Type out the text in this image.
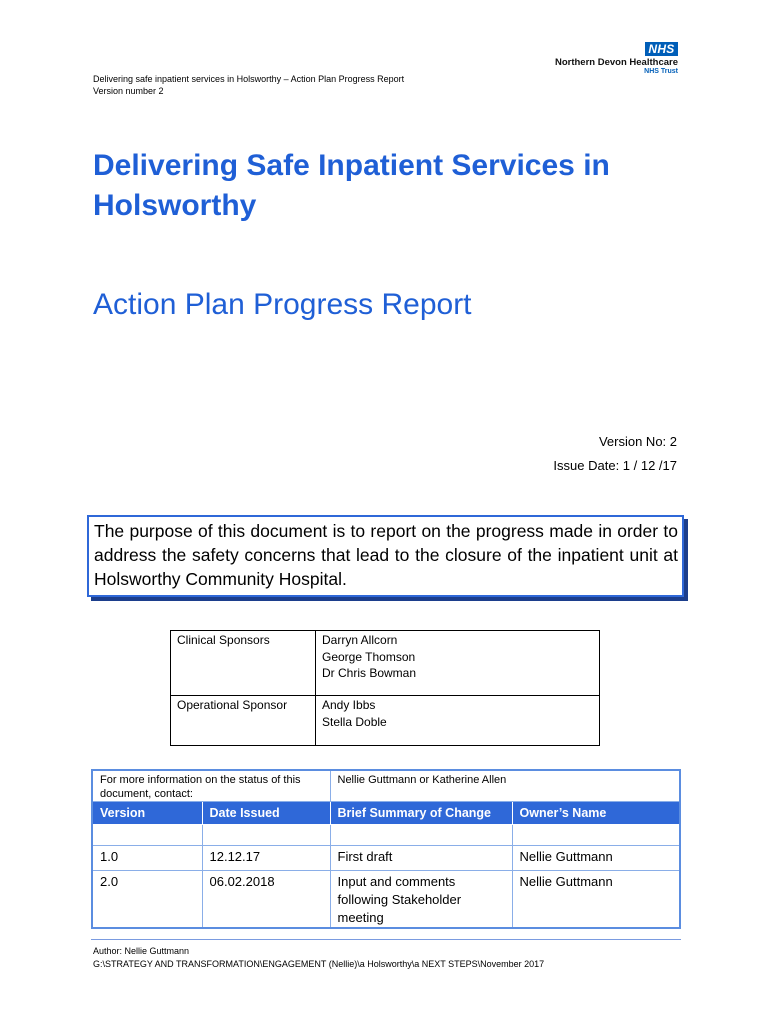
Delivering safe inpatient services in Holsworthy – Action Plan Progress Report
Version number 2
NHS
Northern Devon Healthcare
NHS Trust
Delivering Safe Inpatient Services in Holsworthy
Action Plan Progress Report
Version No: 2
Issue Date: 1 / 12 /17

The purpose of this document is to report on the progress made in order to address the safety concerns that lead to the closure of the inpatient unit at Holsworthy Community Hospital.

Clinical Sponsors	Darryn Allcorn
George Thomson
Dr Chris Bowman

Operational Sponsor	Andy Ibbs
Stella Doble
For more information on the status of this document, contact:		Nellie Guttmann or Katherine Allen	
Version	Date Issued	Brief Summary of Change	Owner’s Name

1.0	12.12.17	First draft	Nellie Guttmann
2.0	06.02.2018	Input and comments following Stakeholder meeting	Nellie Guttmann
Author: Nellie Guttmann
G:\STRATEGY AND TRANSFORMATION\ENGAGEMENT (Nellie)\a Holsworthy\a NEXT STEPS\November 2017
